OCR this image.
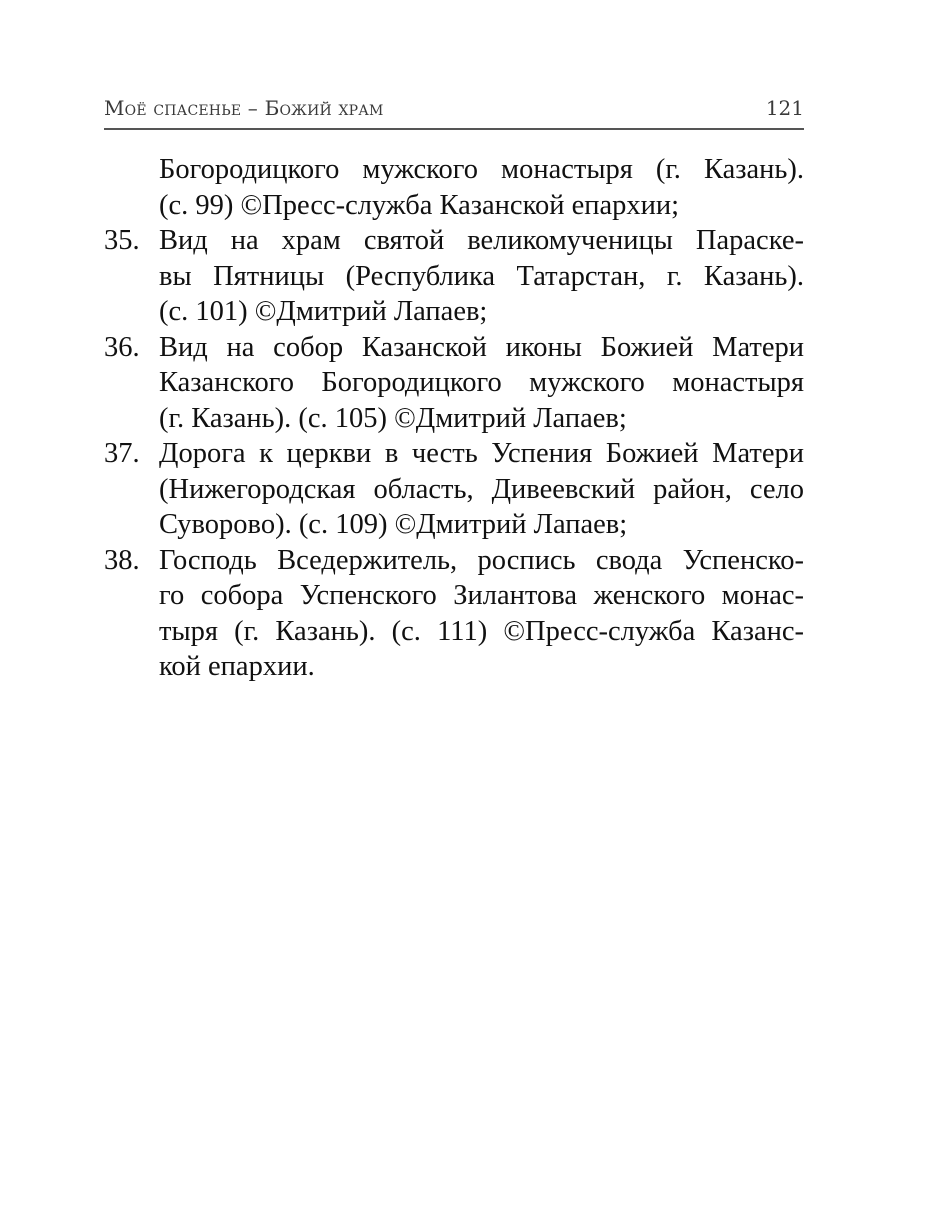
Моё спасенье – Божий храм	121
Богородицкого мужского монастыря (г. Казань).
(с. 99) ©Пресс-служба Казанской епархии;
35. Вид на храм святой великомученицы Параске-
вы Пятницы (Республика Татарстан, г. Казань).
(с. 101) ©Дмитрий Лапаев;
36. Вид на собор Казанской иконы Божией Матери
Казанского Богородицкого мужского монастыря
(г. Казань). (с. 105) ©Дмитрий Лапаев;
37. Дорога к церкви в честь Успения Божией Матери
(Нижегородская область, Дивеевский район, село
Суворово). (с. 109) ©Дмитрий Лапаев;
38. Господь Вседержитель, роспись свода Успенско-
го собора Успенского Зилантова женского монас-
тыря (г. Казань). (с. 111) ©Пресс-служба Казанс-
кой епархии.
